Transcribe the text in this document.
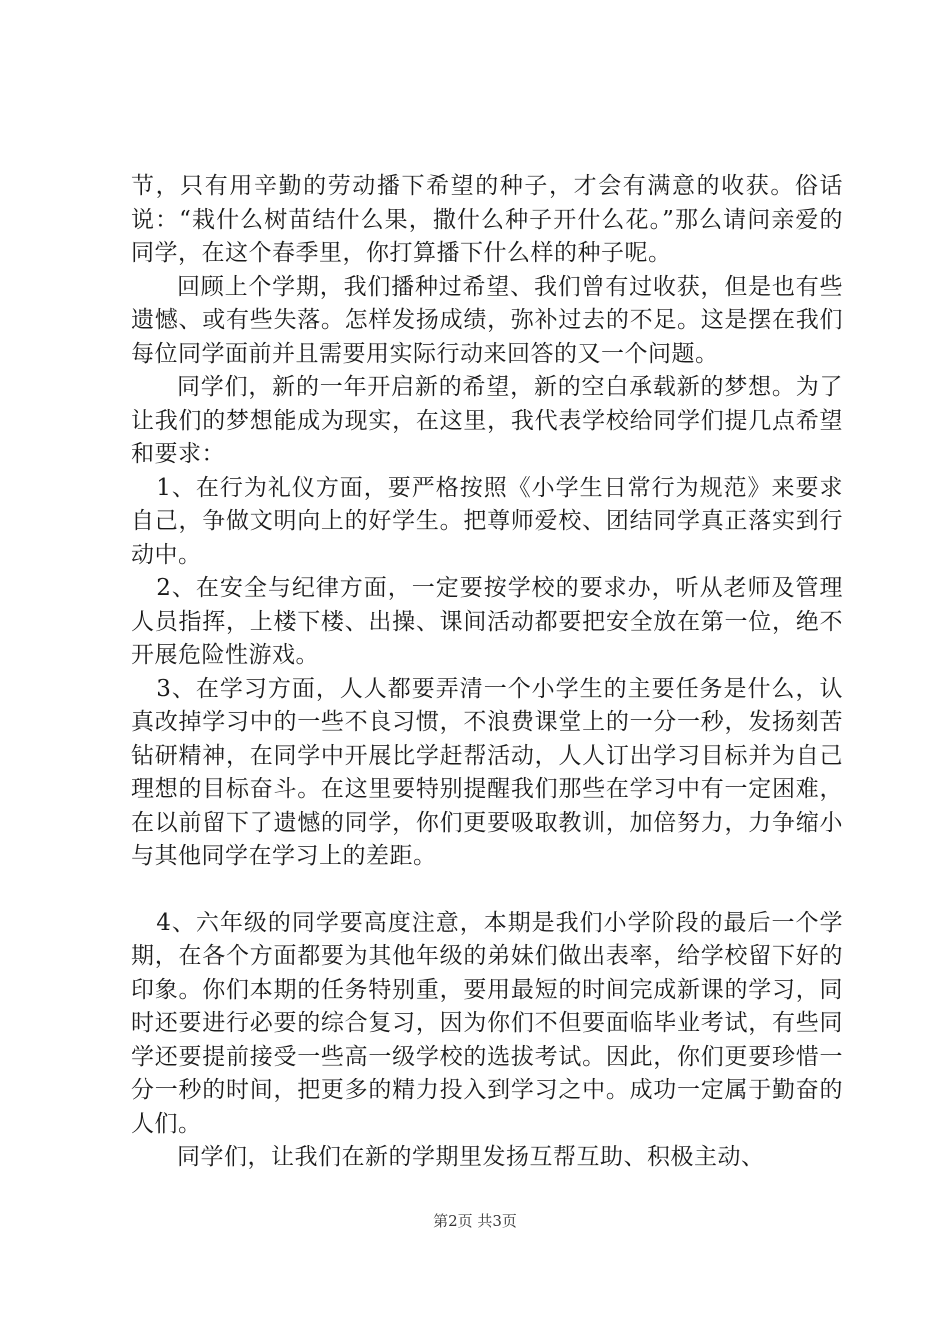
节，只有用辛勤的劳动播下希望的种子，才会有满意的收获。俗话说：“栽什么树苗结什么果，撒什么种子开什么花。”那么请问亲爱的同学，在这个春季里，你打算播下什么样的种子呢。

回顾上个学期，我们播种过希望、我们曾有过收获，但是也有些遗憾、或有些失落。怎样发扬成绩，弥补过去的不足。这是摆在我们每位同学面前并且需要用实际行动来回答的又一个问题。

同学们，新的一年开启新的希望，新的空白承载新的梦想。为了让我们的梦想能成为现实，在这里，我代表学校给同学们提几点希望和要求：

1、在行为礼仪方面，要严格按照《小学生日常行为规范》来要求自己，争做文明向上的好学生。把尊师爱校、团结同学真正落实到行动中。

2、在安全与纪律方面，一定要按学校的要求办，听从老师及管理人员指挥，上楼下楼、出操、课间活动都要把安全放在第一位，绝不开展危险性游戏。

3、在学习方面，人人都要弄清一个小学生的主要任务是什么，认真改掉学习中的一些不良习惯，不浪费课堂上的一分一秒，发扬刻苦钻研精神，在同学中开展比学赶帮活动，人人订出学习目标并为自己理想的目标奋斗。在这里要特别提醒我们那些在学习中有一定困难，在以前留下了遗憾的同学，你们更要吸取教训，加倍努力，力争缩小与其他同学在学习上的差距。

4、六年级的同学要高度注意，本期是我们小学阶段的最后一个学期，在各个方面都要为其他年级的弟妹们做出表率，给学校留下好的印象。你们本期的任务特别重，要用最短的时间完成新课的学习，同时还要进行必要的综合复习，因为你们不但要面临毕业考试，有些同学还要提前接受一些高一级学校的选拔考试。因此，你们更要珍惜一分一秒的时间，把更多的精力投入到学习之中。成功一定属于勤奋的人们。

同学们，让我们在新的学期里发扬互帮互助、积极主动、

第2页 共3页
